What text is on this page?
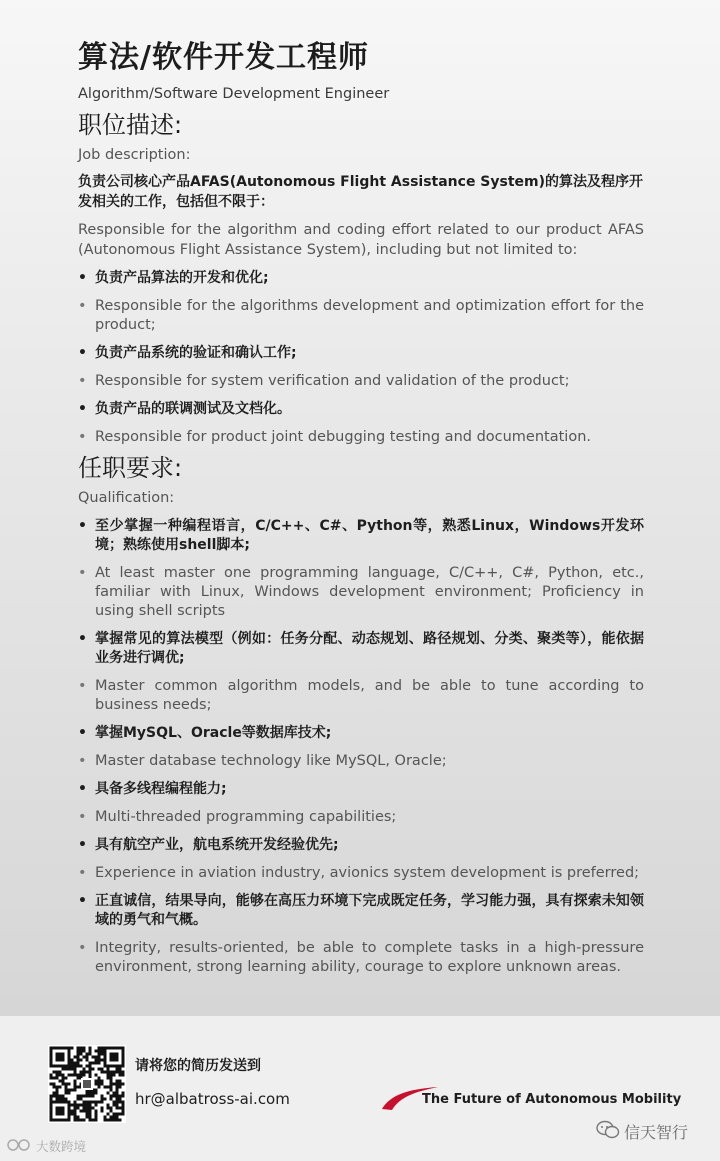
算法/软件开发工程师
Algorithm/Software Development Engineer
职位描述:
Job description:
负责公司核心产品AFAS(Autonomous Flight Assistance System)的算法及程序开发相关的工作，包括但不限于：
Responsible for the algorithm and coding effort related to our product AFAS (Autonomous Flight Assistance System), including but not limited to:
• 负责产品算法的开发和优化;
• Responsible for the algorithms development and optimization effort for the product;
• 负责产品系统的验证和确认工作;
• Responsible for system verification and validation of the product;
• 负责产品的联调测试及文档化。
• Responsible for product joint debugging testing and documentation.
任职要求:
Qualification:
• 至少掌握一种编程语言，C/C++、C#、Python等，熟悉Linux，Windows开发环境；熟练使用shell脚本;
• At least master one programming language, C/C++, C#, Python, etc., familiar with Linux, Windows development environment; Proficiency in using shell scripts
• 掌握常见的算法模型（例如：任务分配、动态规划、路径规划、分类、聚类等），能依据业务进行调优;
• Master common algorithm models, and be able to tune according to business needs;
• 掌握MySQL、Oracle等数据库技术;
• Master database technology like MySQL, Oracle;
• 具备多线程编程能力;
• Multi-threaded programming capabilities;
• 具有航空产业，航电系统开发经验优先;
• Experience in aviation industry, avionics system development is preferred;
• 正直诚信，结果导向，能够在高压力环境下完成既定任务，学习能力强，具有探索未知领域的勇气和气概。
• Integrity, results-oriented, be able to complete tasks in a high-pressure environment, strong learning ability, courage to explore unknown areas.
请将您的简历发送到
hr@albatross-ai.com	The Future of Autonomous Mobility
大数跨境
信天智行
